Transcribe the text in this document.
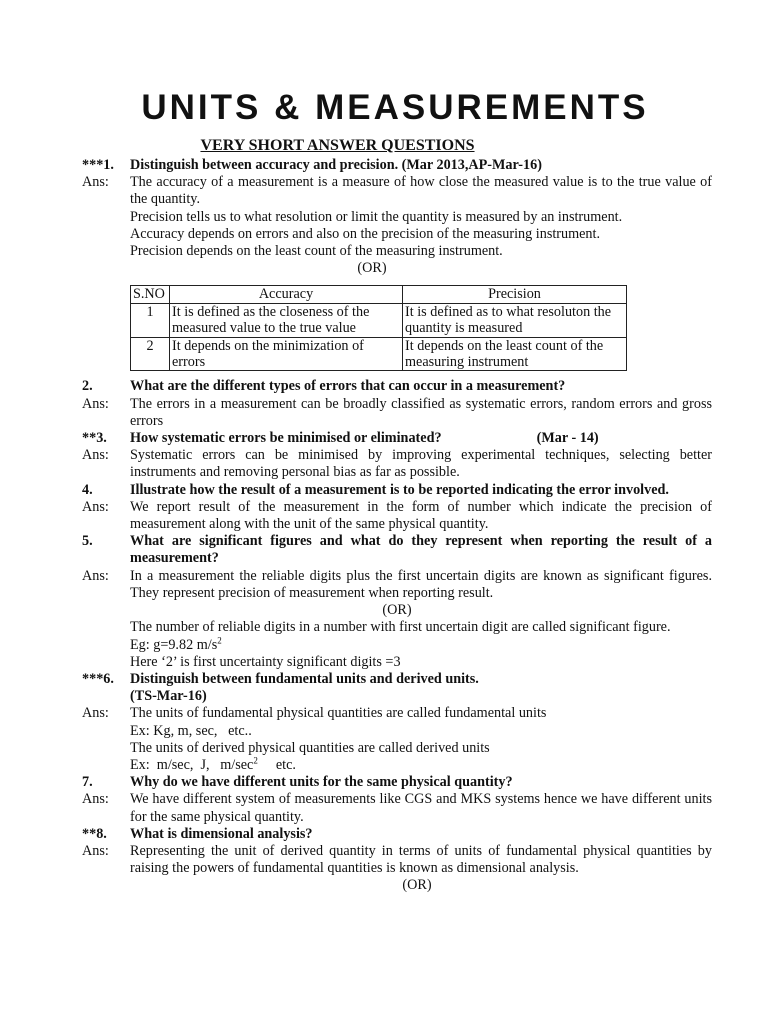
UNITS & MEASUREMENTS
VERY SHORT ANSWER QUESTIONS
***1.	Distinguish between accuracy and precision. (Mar 2013,AP-Mar-16)
Ans:	The accuracy of a measurement is a measure of how close the measured value is to the true value of the quantity.
Precision tells us to what resolution or limit the quantity is measured by an instrument.
Accuracy depends on errors and also on the precision of the measuring instrument.
Precision depends on the least count of the measuring instrument.
(OR)
S.NO	Accuracy	Precision
1	It is defined as the closeness of the measured value to the true value	It is defined as to what resoluton the quantity is measured
2	It depends on the minimization of errors	It depends on the least count of the measuring instrument
2.	What are the different types of errors that can occur in a measurement?
Ans:	The errors in a measurement can be broadly classified as systematic errors, random errors and gross errors
**3.	How systematic errors be minimised or eliminated?	(Mar - 14)
Ans:	Systematic errors can be minimised by improving experimental techniques, selecting better instruments and removing personal bias as far as possible.
4.	Illustrate how the result of a measurement is to be reported indicating the error involved.
Ans:	We report result of the measurement in the form of number which indicate the precision of measurement along with the unit of the same physical quantity.
5.	What are significant figures and what do they represent when reporting the result of a measurement?
Ans:	In a measurement the reliable digits plus the first uncertain digits are known as significant figures. They represent precision of measurement when reporting result.
(OR)
The number of reliable digits in a number with first uncertain digit are called significant figure.
Eg: g=9.82 $m/s^2$
Here ‘2’ is first uncertainty significant digits =3
***6.	Distinguish between fundamental units and derived units.
(TS-Mar-16)
Ans:	The units of fundamental physical quantities are called fundamental units
Ex: Kg, m, sec,   etc..
The units of derived physical quantities are called derived units
Ex:  m/sec,  J,   $m/\sec^2$ etc.
7.	Why do we have different units for the same physical quantity?
Ans:	We have different system of measurements like CGS and MKS systems hence we have different units for the same physical quantity.
**8.	What is dimensional analysis?
Ans:	Representing the unit of derived quantity in terms of units of fundamental physical quantities by raising the powers of fundamental quantities is known as dimensional analysis.
(OR)
